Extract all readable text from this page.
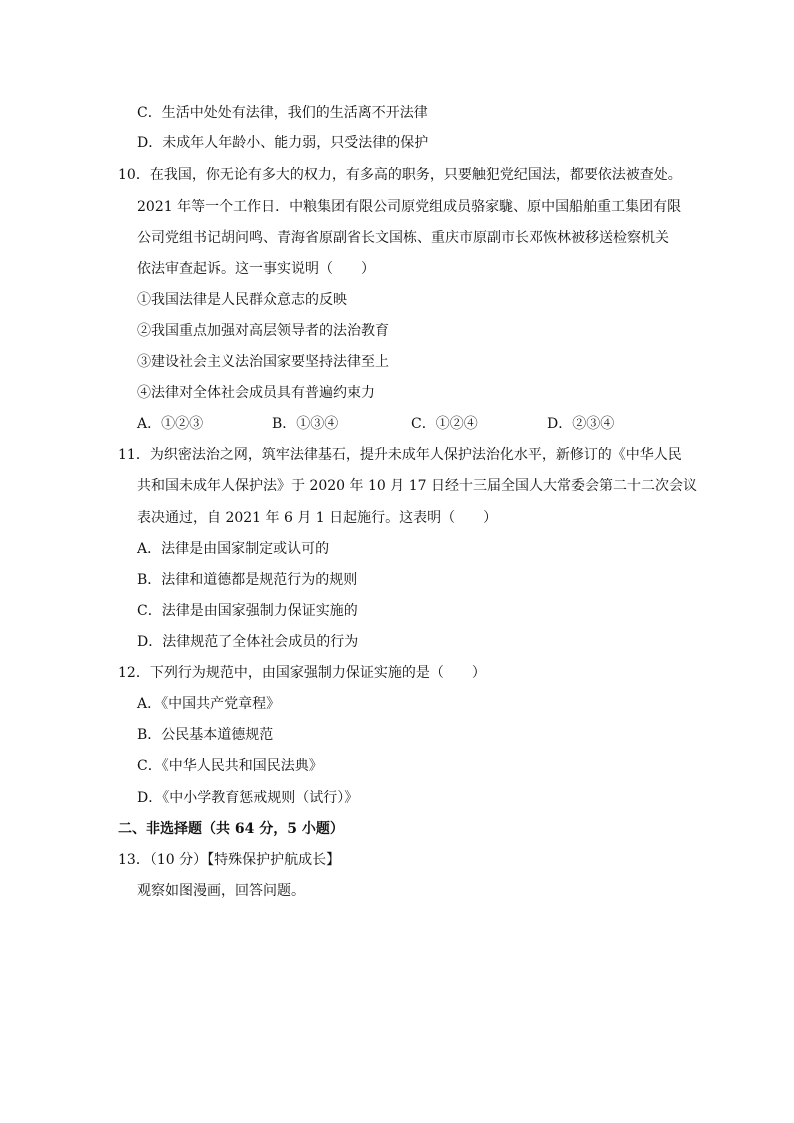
C．生活中处处有法律，我们的生活离不开法律
D．未成年人年龄小、能力弱，只受法律的保护
10．在我国，你无论有多大的权力，有多高的职务，只要触犯党纪国法，都要依法被查处。
2021 年等一个工作日．中粮集团有限公司原党组成员骆家駹、原中国船舶重工集团有限
公司党组书记胡问鸣、青海省原副省长文国栋、重庆市原副市长邓恢林被移送检察机关
依法审查起诉。这一事实说明（　　）
①我国法律是人民群众意志的反映
②我国重点加强对高层领导者的法治教育
③建设社会主义法治国家要坚持法律至上
④法律对全体社会成员具有普遍约束力
A．①②③	B．①③④	C．①②④	D．②③④
11．为织密法治之网，筑牢法律基石，提升未成年人保护法治化水平，新修订的《中华人民
共和国未成年人保护法》于 2020 年 10 月 17 日经十三届全国人大常委会第二十二次会议
表决通过，自 2021 年 6 月 1 日起施行。这表明（　　）
A．法律是由国家制定或认可的
B．法律和道德都是规范行为的规则
C．法律是由国家强制力保证实施的
D．法律规范了全体社会成员的行为
12．下列行为规范中，由国家强制力保证实施的是（　　）
A．《中国共产党章程》
B．公民基本道德规范
C．《中华人民共和国民法典》
D．《中小学教育惩戒规则（试行）》
二、非选择题（共 64 分，5 小题）
13．（10 分）【特殊保护护航成长】
观察如图漫画，回答问题。
